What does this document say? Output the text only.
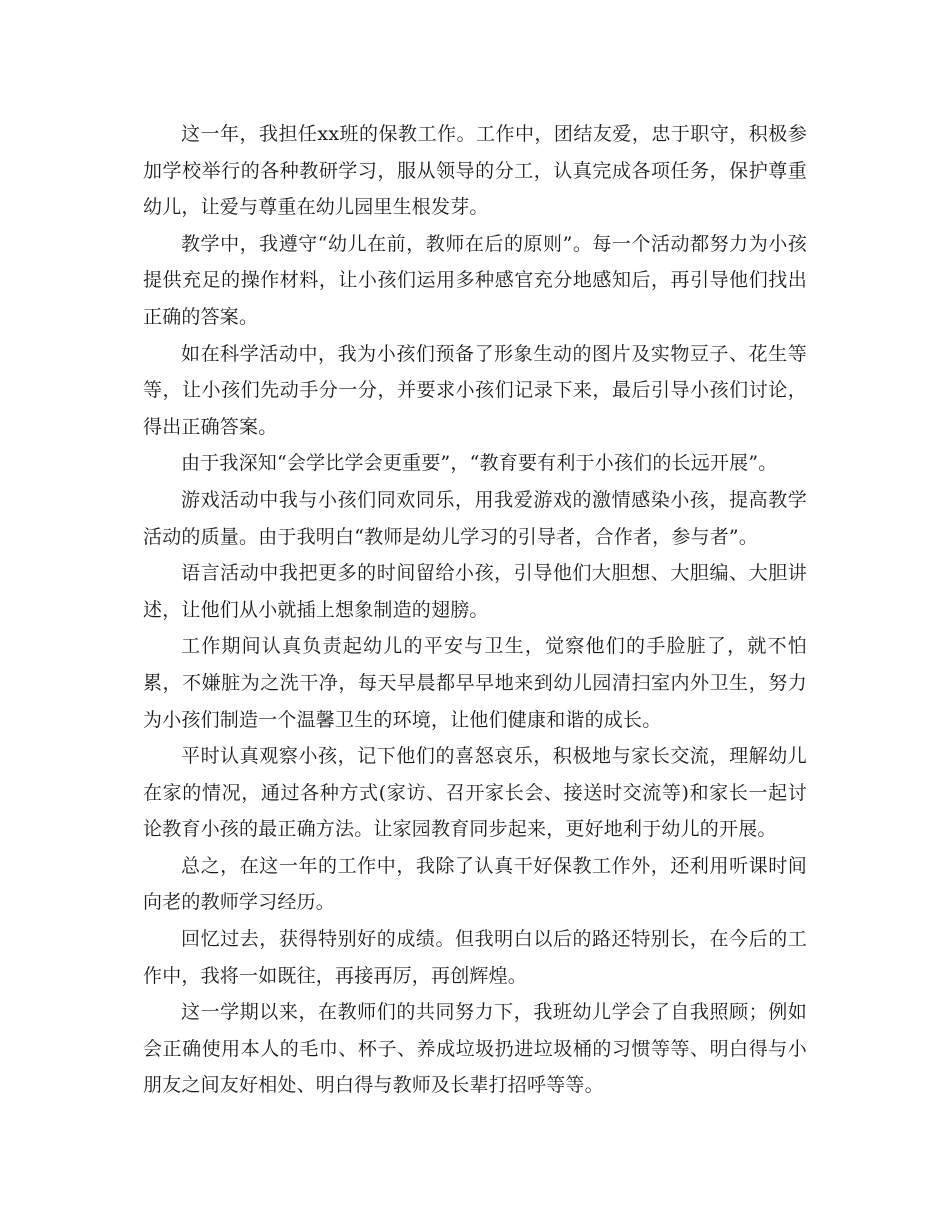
这一年，我担任xx班的保教工作。工作中，团结友爱，忠于职守，积极参加学校举行的各种教研学习，服从领导的分工，认真完成各项任务，保护尊重幼儿，让爱与尊重在幼儿园里生根发芽。

教学中，我遵守“幼儿在前，教师在后的原则”。每一个活动都努力为小孩提供充足的操作材料，让小孩们运用多种感官充分地感知后，再引导他们找出正确的答案。

如在科学活动中，我为小孩们预备了形象生动的图片及实物豆子、花生等等，让小孩们先动手分一分，并要求小孩们记录下来，最后引导小孩们讨论，得出正确答案。

由于我深知“会学比学会更重要”，“教育要有利于小孩们的长远开展”。

游戏活动中我与小孩们同欢同乐，用我爱游戏的激情感染小孩，提高教学活动的质量。由于我明白“教师是幼儿学习的引导者，合作者，参与者”。

语言活动中我把更多的时间留给小孩，引导他们大胆想、大胆编、大胆讲述，让他们从小就插上想象制造的翅膀。

工作期间认真负责起幼儿的平安与卫生，觉察他们的手脸脏了，就不怕累，不嫌脏为之洗干净，每天早晨都早早地来到幼儿园清扫室内外卫生，努力为小孩们制造一个温馨卫生的环境，让他们健康和谐的成长。

平时认真观察小孩，记下他们的喜怒哀乐，积极地与家长交流，理解幼儿在家的情况，通过各种方式(家访、召开家长会、接送时交流等)和家长一起讨论教育小孩的最正确方法。让家园教育同步起来，更好地利于幼儿的开展。

总之，在这一年的工作中，我除了认真干好保教工作外，还利用听课时间向老的教师学习经历。

回忆过去，获得特别好的成绩。但我明白以后的路还特别长，在今后的工作中，我将一如既往，再接再厉，再创辉煌。

这一学期以来，在教师们的共同努力下，我班幼儿学会了自我照顾；例如会正确使用本人的毛巾、杯子、养成垃圾扔进垃圾桶的习惯等等、明白得与小朋友之间友好相处、明白得与教师及长辈打招呼等等。
